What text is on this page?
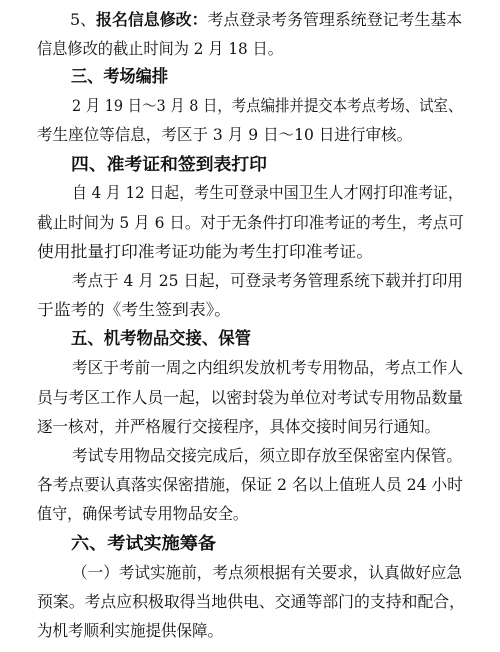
5、报名信息修改：考点登录考务管理系统登记考生基本
信息修改的截止时间为 2 月 18 日。
三、考场编排
2 月 19 日～3 月 8 日，考点编排并提交本考点考场、试室、
考生座位等信息，考区于 3 月 9 日～10 日进行审核。
四、准考证和签到表打印
自 4 月 12 日起，考生可登录中国卫生人才网打印准考证，
截止时间为 5 月 6 日。对于无条件打印准考证的考生，考点可
使用批量打印准考证功能为考生打印准考证。
考点于 4 月 25 日起，可登录考务管理系统下载并打印用
于监考的《考生签到表》。
五、机考物品交接、保管
考区于考前一周之内组织发放机考专用物品，考点工作人
员与考区工作人员一起，以密封袋为单位对考试专用物品数量
逐一核对，并严格履行交接程序，具体交接时间另行通知。
考试专用物品交接完成后，须立即存放至保密室内保管。
各考点要认真落实保密措施，保证 2 名以上值班人员 24 小时
值守，确保考试专用物品安全。
六、考试实施筹备
（一）考试实施前，考点须根据有关要求，认真做好应急
预案。考点应积极取得当地供电、交通等部门的支持和配合，
为机考顺利实施提供保障。
